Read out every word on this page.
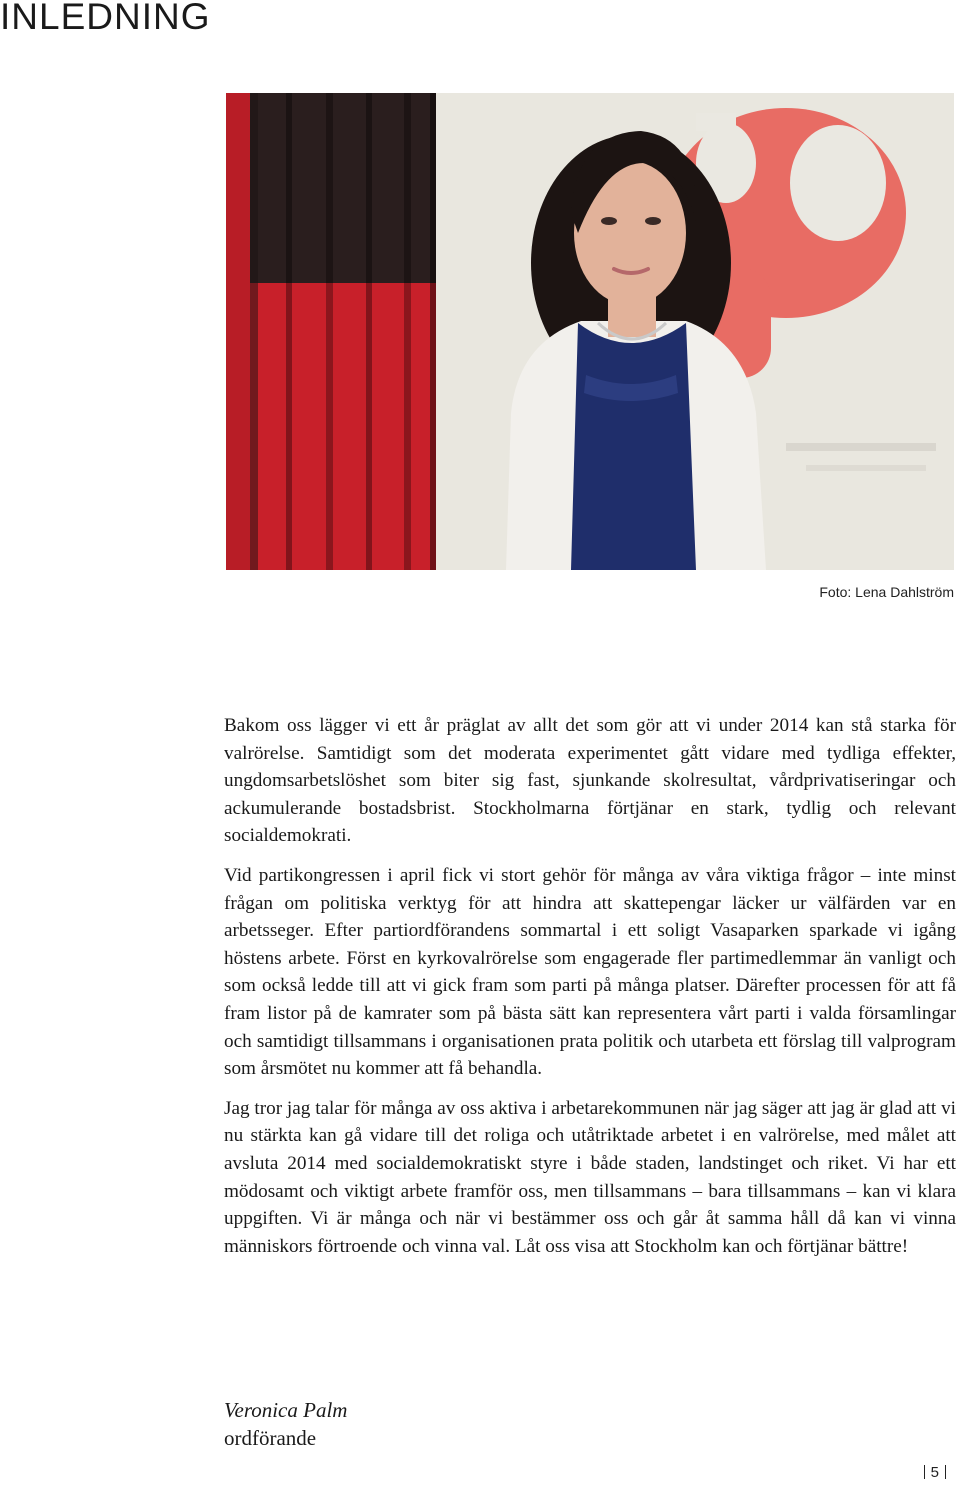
INLEDNING
Foto: Lena Dahlström

Bakom oss lägger vi ett år präglat av allt det som gör att vi under 2014 kan stå starka för valrörelse. Samtidigt som det moderata experimentet gått vidare med tydliga effekter, ungdomsarbetslöshet som biter sig fast, sjunkande skolresultat, vårdprivatiseringar och ackumulerande bostadsbrist. Stockholmarna förtjänar en stark, tydlig och relevant socialdemokrati.

Vid partikongressen i april fick vi stort gehör för många av våra viktiga frågor – inte minst frågan om politiska verktyg för att hindra att skattepengar läcker ur välfärden var en arbetsseger. Efter partiordförandens sommartal i ett soligt Vasaparken sparkade vi igång höstens arbete. Först en kyrkovalrörelse som engagerade fler partimedlemmar än vanligt och som också ledde till att vi gick fram som parti på många platser. Därefter processen för att få fram listor på de kamrater som på bästa sätt kan representera vårt parti i valda församlingar och samtidigt tillsammans i organisationen prata politik och utarbeta ett förslag till valprogram som årsmötet nu kommer att få behandla.

Jag tror jag talar för många av oss aktiva i arbetarekommunen när jag säger att jag är glad att vi nu stärkta kan gå vidare till det roliga och utåtriktade arbetet i en valrörelse, med målet att avsluta 2014 med socialdemokratiskt styre i både staden, landstinget och riket. Vi har ett mödosamt och viktigt arbete framför oss, men tillsammans – bara tillsammans – kan vi klara uppgiften. Vi är många och när vi bestämmer oss och går åt samma håll då kan vi vinna människors förtroende och vinna val. Låt oss visa att Stockholm kan och förtjänar bättre!

Veronica Palm
ordförande
5
